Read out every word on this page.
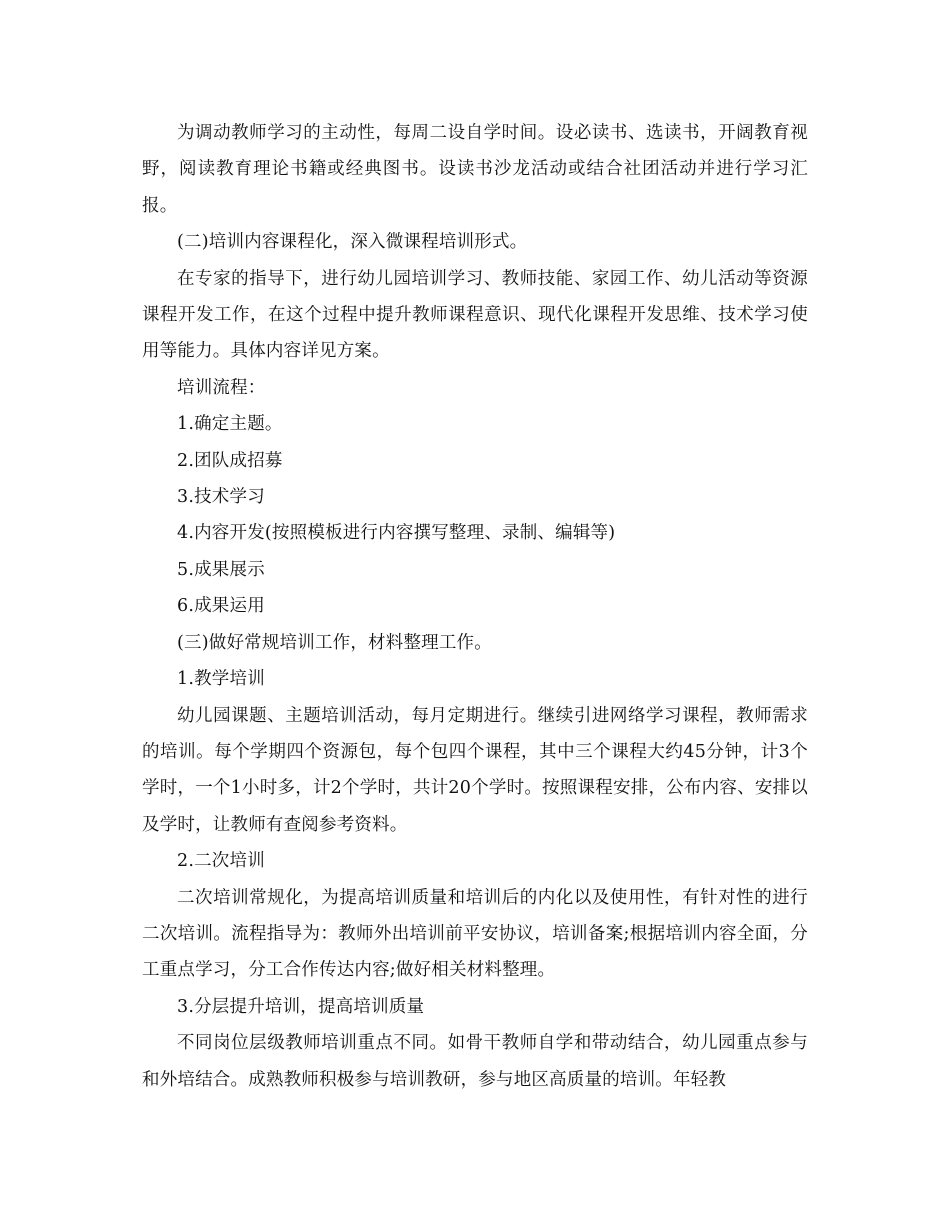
为调动教师学习的主动性，每周二设自学时间。设必读书、选读书，开阔教育视野，阅读教育理论书籍或经典图书。设读书沙龙活动或结合社团活动并进行学习汇报。

(二)培训内容课程化，深入微课程培训形式。

在专家的指导下，进行幼儿园培训学习、教师技能、家园工作、幼儿活动等资源课程开发工作，在这个过程中提升教师课程意识、现代化课程开发思维、技术学习使用等能力。具体内容详见方案。

培训流程：

1.确定主题。

2.团队成招募

3.技术学习

4.内容开发(按照模板进行内容撰写整理、录制、编辑等)

5.成果展示

6.成果运用

(三)做好常规培训工作，材料整理工作。

1.教学培训

幼儿园课题、主题培训活动，每月定期进行。继续引进网络学习课程，教师需求的培训。每个学期四个资源包，每个包四个课程，其中三个课程大约45分钟，计3个学时，一个1小时多，计2个学时，共计20个学时。按照课程安排，公布内容、安排以及学时，让教师有查阅参考资料。

2.二次培训

二次培训常规化，为提高培训质量和培训后的内化以及使用性，有针对性的进行二次培训。流程指导为：教师外出培训前平安协议，培训备案;根据培训内容全面，分工重点学习，分工合作传达内容;做好相关材料整理。

3.分层提升培训，提高培训质量

不同岗位层级教师培训重点不同。如骨干教师自学和带动结合，幼儿园重点参与和外培结合。成熟教师积极参与培训教研，参与地区高质量的培训。年轻教
